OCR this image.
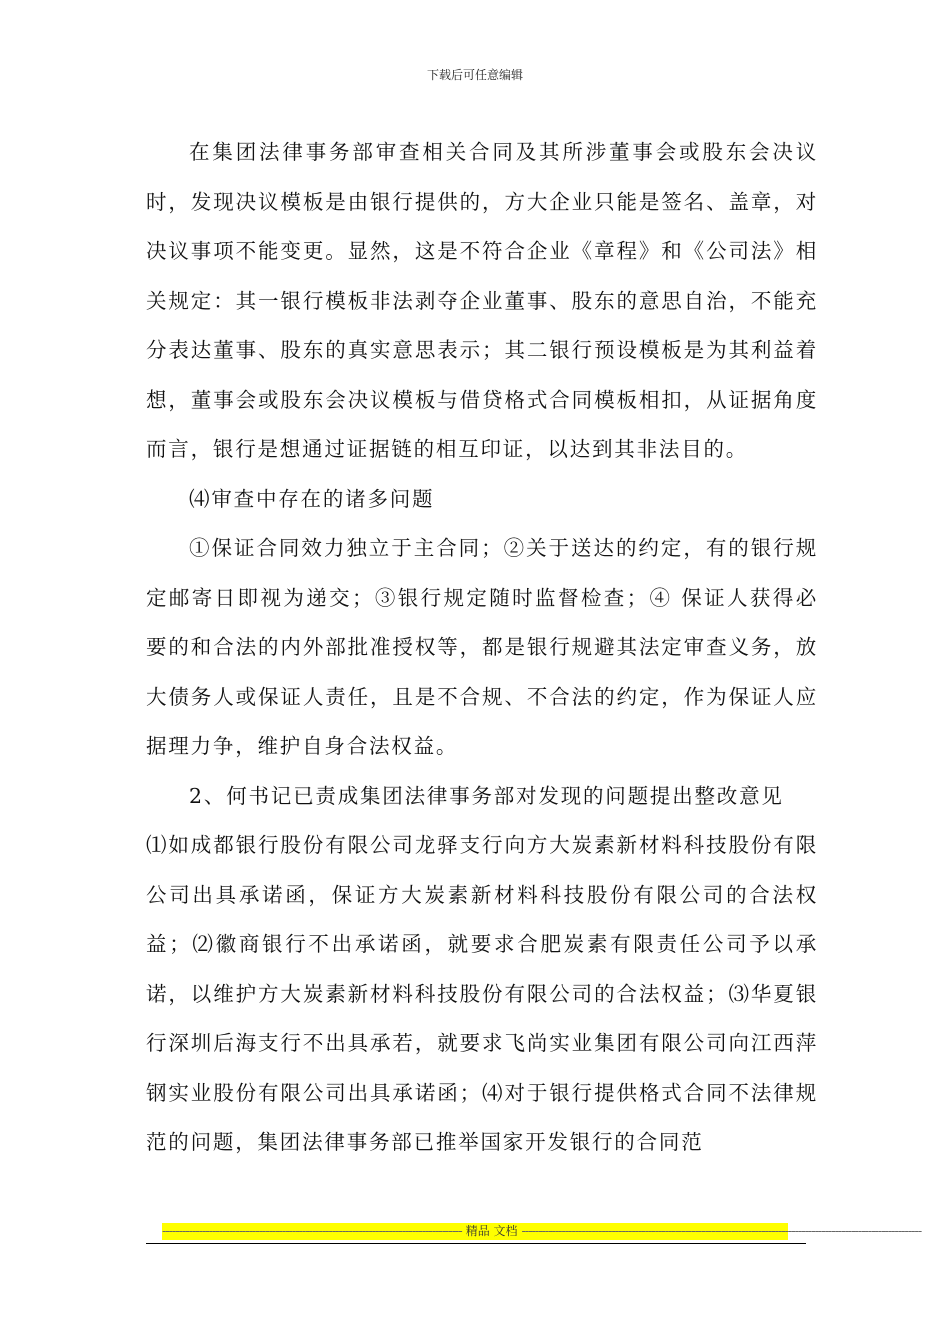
下载后可任意编辑

在集团法律事务部审查相关合同及其所涉董事会或股东会决议时，发现决议模板是由银行提供的，方大企业只能是签名、盖章，对决议事项不能变更。显然，这是不符合企业《章程》和《公司法》相关规定：其一银行模板非法剥夺企业董事、股东的意思自治，不能充分表达董事、股东的真实意思表示；其二银行预设模板是为其利益着想，董事会或股东会决议模板与借贷格式合同模板相扣，从证据角度而言，银行是想通过证据链的相互印证，以达到其非法目的。

⑷审查中存在的诸多问题

①保证合同效力独立于主合同；②关于送达的约定，有的银行规定邮寄日即视为递交；③银行规定随时监督检查；④ 保证人获得必要的和合法的内外部批准授权等，都是银行规避其法定审查义务，放大债务人或保证人责任，且是不合规、不合法的约定，作为保证人应据理力争，维护自身合法权益。

2、何书记已责成集团法律事务部对发现的问题提出整改意见

⑴如成都银行股份有限公司龙驿支行向方大炭素新材料科技股份有限公司出具承诺函，保证方大炭素新材料科技股份有限公司的合法权益；⑵徽商银行不出承诺函，就要求合肥炭素有限责任公司予以承诺，以维护方大炭素新材料科技股份有限公司的合法权益；⑶华夏银行深圳后海支行不出具承若，就要求飞尚实业集团有限公司向江西萍钢实业股份有限公司出具承诺函；⑷对于银行提供格式合同不法律规范的问题，集团法律事务部已推举国家开发银行的合同范

------------------------------------------------------------------------------------------ 精品 文档 ------------------------------------------------------------------------------------------------------------------------
